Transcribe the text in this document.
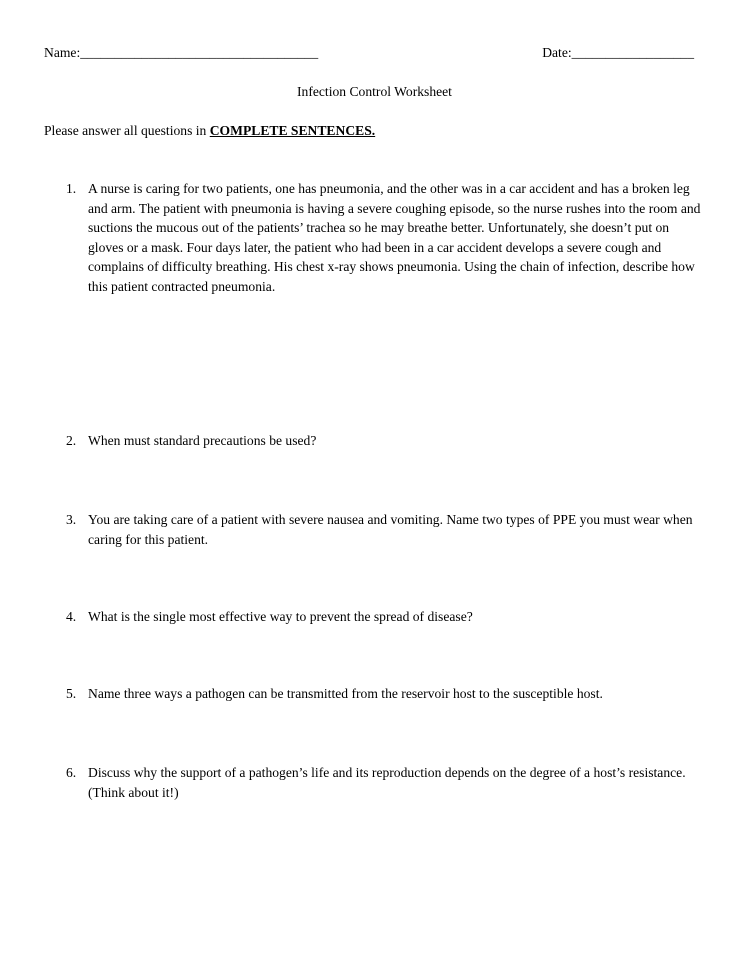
Name:___________________________________	Date:__________________
Infection Control Worksheet
Please answer all questions in COMPLETE SENTENCES.
1. A nurse is caring for two patients, one has pneumonia, and the other was in a car accident and has a broken leg and arm. The patient with pneumonia is having a severe coughing episode, so the nurse rushes into the room and suctions the mucous out of the patients’ trachea so he may breathe better. Unfortunately, she doesn’t put on gloves or a mask. Four days later, the patient who had been in a car accident develops a severe cough and complains of difficulty breathing. His chest x-ray shows pneumonia. Using the chain of infection, describe how this patient contracted pneumonia.
2. When must standard precautions be used?
3. You are taking care of a patient with severe nausea and vomiting. Name two types of PPE you must wear when caring for this patient.
4. What is the single most effective way to prevent the spread of disease?
5. Name three ways a pathogen can be transmitted from the reservoir host to the susceptible host.
6. Discuss why the support of a pathogen’s life and its reproduction depends on the degree of a host’s resistance. (Think about it!)
